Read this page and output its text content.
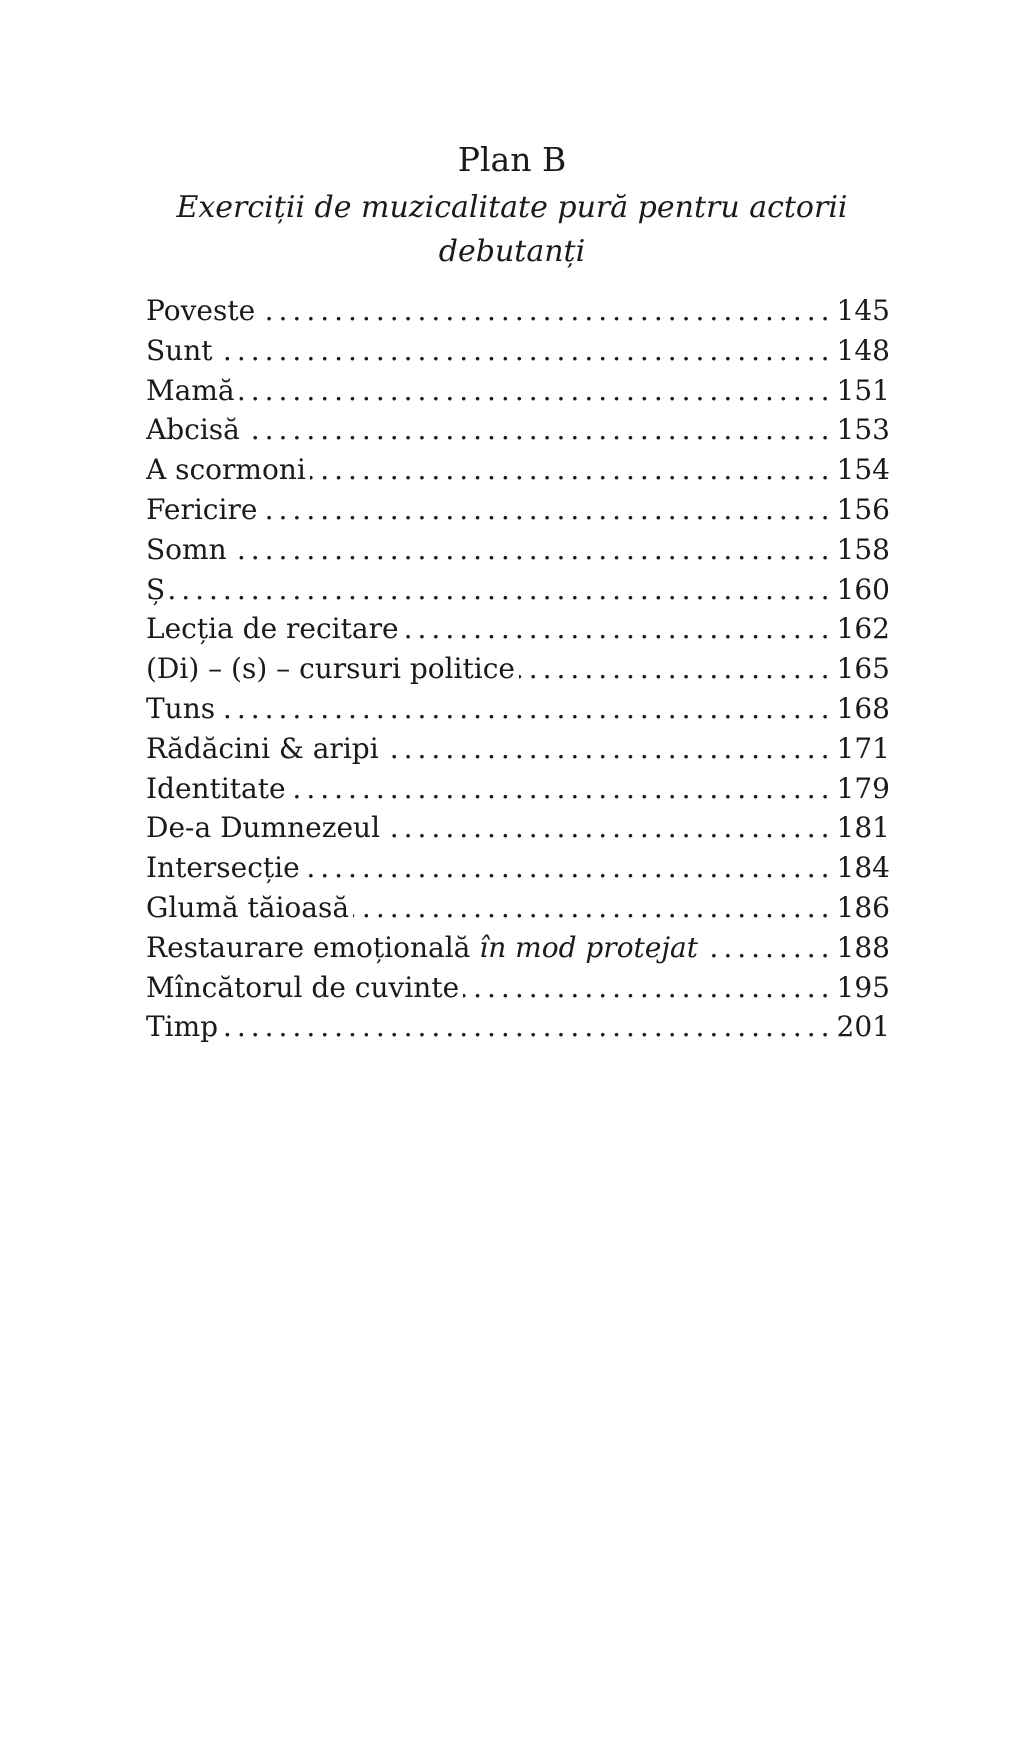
Plan B
Exerciții de muzicalitate pură pentru actorii debutanți
Poveste .....	145
Sunt .....	148
Mamă .....	151
Abcisă .....	153
A scormoni .....	154
Fericire .....	156
Somn .....	158
Ș .....	160
Lecția de recitare .....	162
(Di) – (s) – cursuri politice .....	165
Tuns .....	168
Rădăcini & aripi .....	171
Identitate .....	179
De-a Dumnezeul .....	181
Intersecție .....	184
Glumă tăioasă .....	186
Restaurare emoțională în mod protejat .....	188
Mîncătorul de cuvinte .....	195
Timp .....	201
